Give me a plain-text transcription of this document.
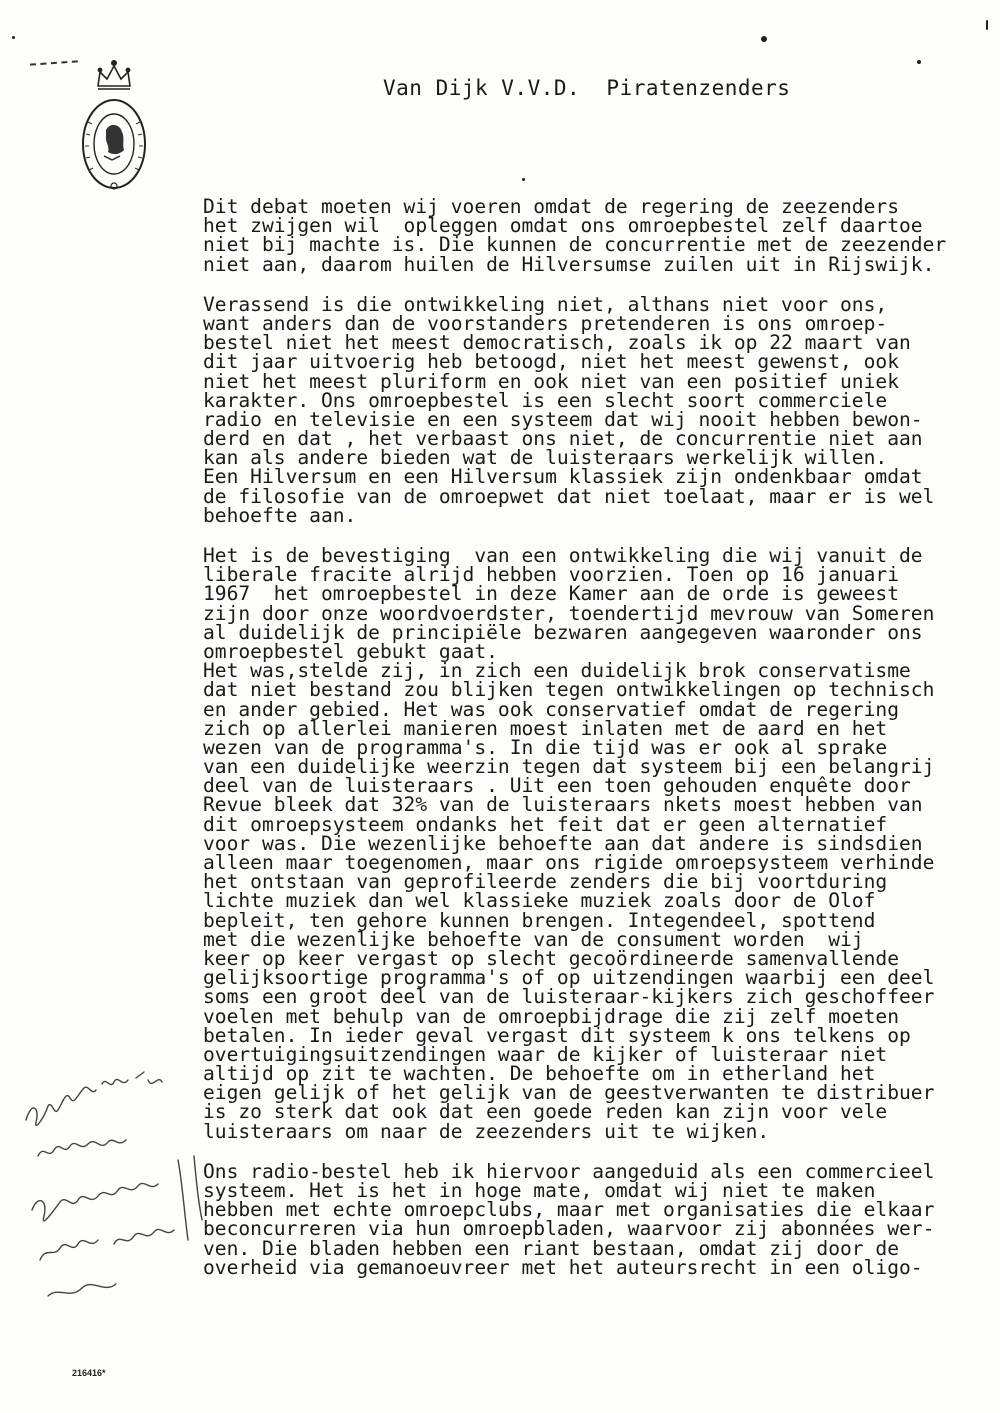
Van Dijk V.V.D.  Piratenzenders
Dit debat moeten wij voeren omdat de regering de zeezenders
het zwijgen wil  opleggen omdat ons omroepbestel zelf daartoe
niet bij machte is. Die kunnen de concurrentie met de zeezender
niet aan, daarom huilen de Hilversumse zuilen uit in Rijswijk.
Verassend is die ontwikkeling niet, althans niet voor ons,
want anders dan de voorstanders pretenderen is ons omroep-
bestel niet het meest democratisch, zoals ik op 22 maart van
dit jaar uitvoerig heb betoogd, niet het meest gewenst, ook
niet het meest pluriform en ook niet van een positief uniek
karakter. Ons omroepbestel is een slecht soort commerciele
radio en televisie en een systeem dat wij nooit hebben bewon-
derd en dat , het verbaast ons niet, de concurrentie niet aan
kan als andere bieden wat de luisteraars werkelijk willen.
Een Hilversum en een Hilversum klassiek zijn ondenkbaar omdat
de filosofie van de omroepwet dat niet toelaat, maar er is wel
behoefte aan.
Het is de bevestiging  van een ontwikkeling die wij vanuit de
liberale fracite alrijd hebben voorzien. Toen op 16 januari
1967  het omroepbestel in deze Kamer aan de orde is geweest
zijn door onze woordvoerdster, toendertijd mevrouw van Someren
al duidelijk de principiële bezwaren aangegeven waaronder ons
omroepbestel gebukt gaat.
Het was,stelde zij, in zich een duidelijk brok conservatisme
dat niet bestand zou blijken tegen ontwikkelingen op technisch
en ander gebied. Het was ook conservatief omdat de regering
zich op allerlei manieren moest inlaten met de aard en het
wezen van de programma's. In die tijd was er ook al sprake
van een duidelijke weerzin tegen dat systeem bij een belangrij
deel van de luisteraars . Uit een toen gehouden enquête door
Revue bleek dat 32% van de luisteraars nkets moest hebben van
dit omroepsysteem ondanks het feit dat er geen alternatief
voor was. Die wezenlijke behoefte aan dat andere is sindsdien
alleen maar toegenomen, maar ons rigide omroepsysteem verhinde
het ontstaan van geprofileerde zenders die bij voortduring
lichte muziek dan wel klassieke muziek zoals door de Olof
bepleit, ten gehore kunnen brengen. Integendeel, spottend
met die wezenlijke behoefte van de consument worden  wij
keer op keer vergast op slecht gecoördineerde samenvallende
gelijksoortige programma's of op uitzendingen waarbij een deel
soms een groot deel van de luisteraar-kijkers zich geschoffeer
voelen met behulp van de omroepbijdrage die zij zelf moeten
betalen. In ieder geval vergast dit systeem k ons telkens op
overtuigingsuitzendingen waar de kijker of luisteraar niet
altijd op zit te wachten. De behoefte om in etherland het
eigen gelijk of het gelijk van de geestverwanten te distribuer
is zo sterk dat ook dat een goede reden kan zijn voor vele
luisteraars om naar de zeezenders uit te wijken.
Ons radio-bestel heb ik hiervoor aangeduid als een commercieel
systeem. Het is het in hoge mate, omdat wij niet te maken
hebben met echte omroepclubs, maar met organisaties die elkaar
beconcurreren via hun omroepbladen, waarvoor zij abonnées wer-
ven. Die bladen hebben een riant bestaan, omdat zij door de
overheid via gemanoeuvreer met het auteursrecht in een oligo-
216416*
